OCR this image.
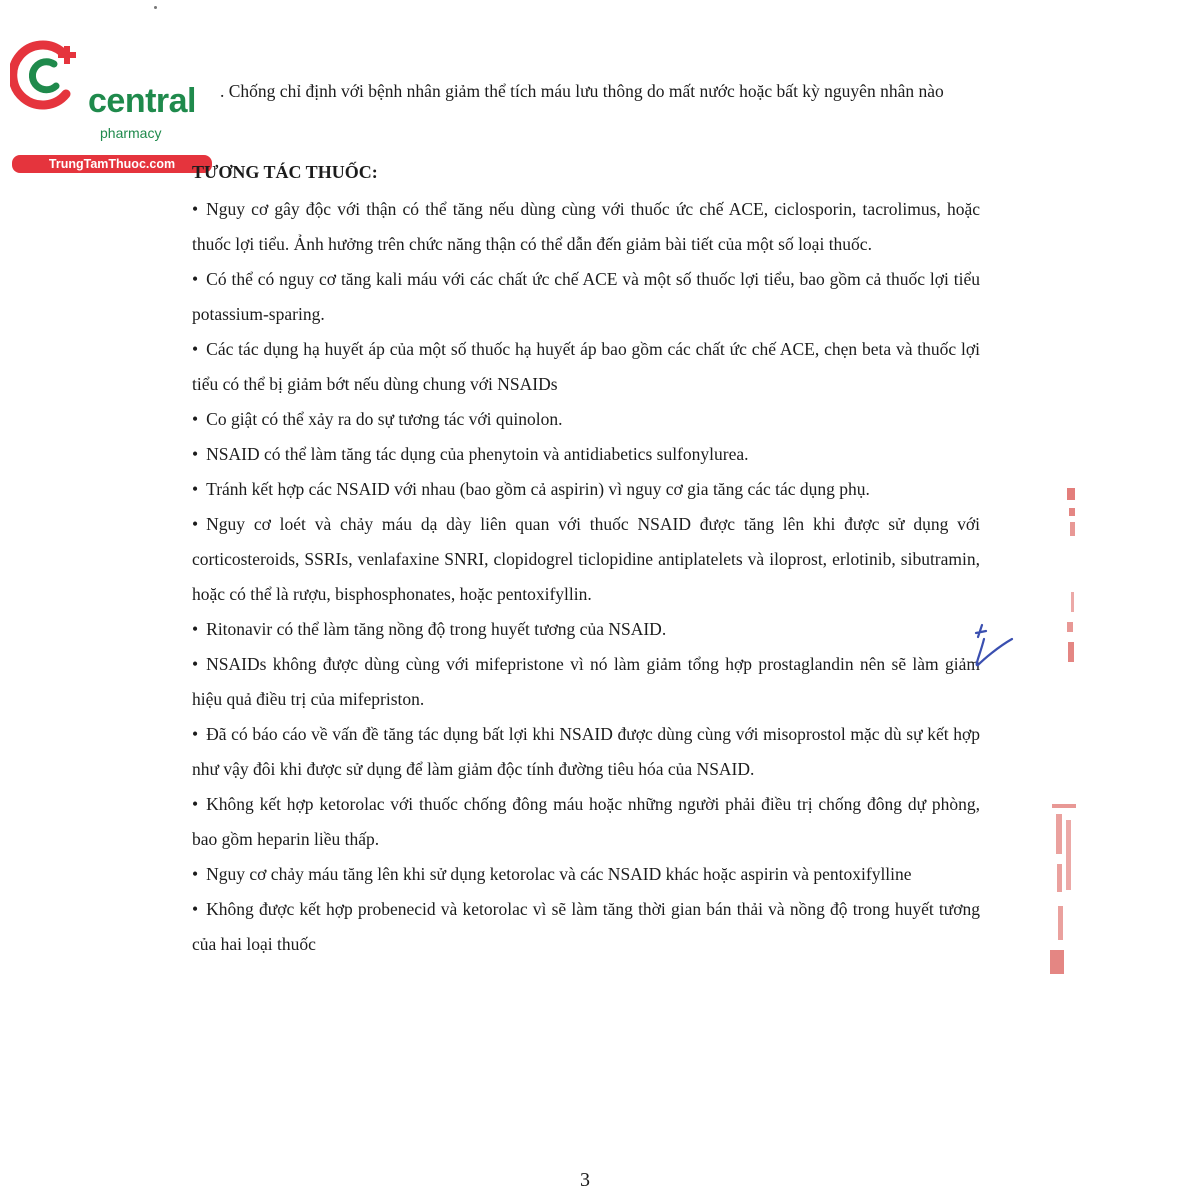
central
pharmacy
TrungTamThuoc.com

. Chống chỉ định với bệnh nhân giảm thể tích máu lưu thông do mất nước hoặc bất kỳ nguyên nhân nào

TƯƠNG TÁC THUỐC:

• Nguy cơ gây độc với thận có thể tăng nếu dùng cùng với thuốc ức chế ACE, ciclosporin, tacrolimus, hoặc thuốc lợi tiểu. Ảnh hưởng trên chức năng thận có thể dẫn đến giảm bài tiết của một số loại thuốc.

• Có thể có nguy cơ tăng kali máu với các chất ức chế ACE và một số thuốc lợi tiểu, bao gồm cả thuốc lợi tiểu potassium-sparing.

• Các tác dụng hạ huyết áp của một số thuốc hạ huyết áp bao gồm các chất ức chế ACE, chẹn beta và thuốc lợi tiểu có thể bị giảm bớt nếu dùng chung với NSAIDs

• Co giật có thể xảy ra do sự tương tác với quinolon.

• NSAID có thể làm tăng tác dụng của phenytoin và antidiabetics sulfonylurea.

• Tránh kết hợp các NSAID với nhau (bao gồm cả aspirin) vì nguy cơ gia tăng các tác dụng phụ.

• Nguy cơ loét và chảy máu dạ dày liên quan với thuốc NSAID được tăng lên khi được sử dụng với corticosteroids, SSRIs, venlafaxine SNRI, clopidogrel ticlopidine antiplatelets và iloprost, erlotinib, sibutramin, hoặc có thể là rượu, bisphosphonates, hoặc pentoxifyllin.

• Ritonavir có thể làm tăng nồng độ trong huyết tương của NSAID.

• NSAIDs không được dùng cùng với mifepristone vì nó làm giảm tổng hợp prostaglandin nên sẽ làm giảm hiệu quả điều trị của mifepriston.

• Đã có báo cáo về vấn đề tăng tác dụng bất lợi khi NSAID được dùng cùng với misoprostol mặc dù sự kết hợp như vậy đôi khi được sử dụng để làm giảm độc tính đường tiêu hóa của NSAID.

• Không kết hợp ketorolac với thuốc chống đông máu hoặc những người phải điều trị chống đông dự phòng, bao gồm heparin liều thấp.

• Nguy cơ chảy máu tăng lên khi sử dụng ketorolac và các NSAID khác hoặc aspirin và pentoxifylline

• Không được kết hợp probenecid và ketorolac vì sẽ làm tăng thời gian bán thải và nồng độ trong huyết tương của hai loại thuốc

3
